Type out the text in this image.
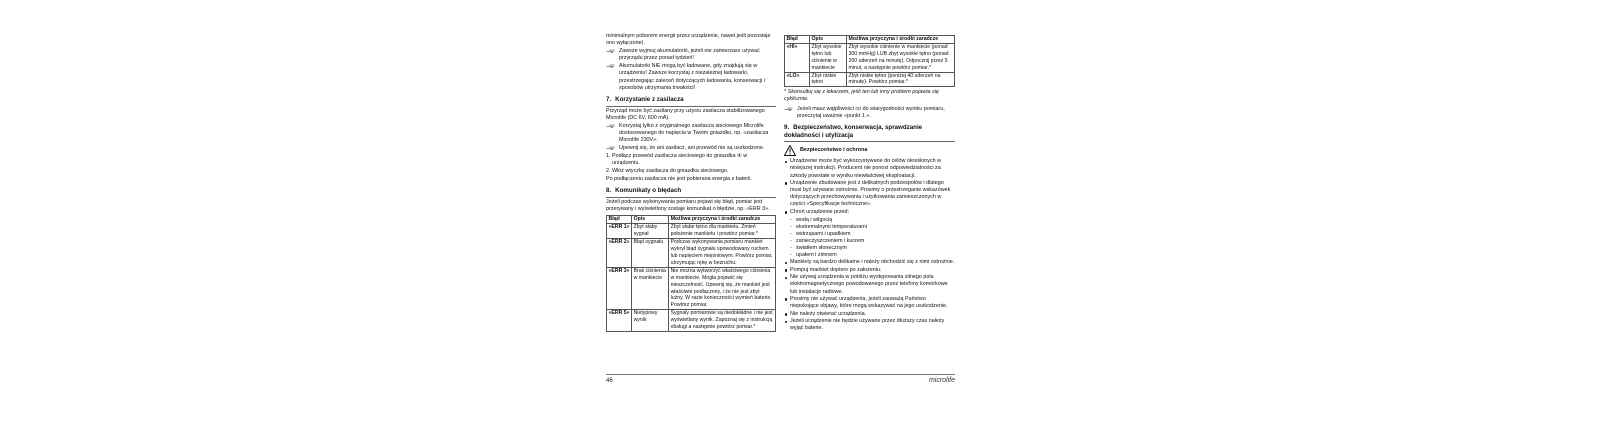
minimalnym poborem energii przez urządzenie, nawet jeśli pozostaje ono wyłączone).
Zawsze wyjmuj akumulatorki, jeżeli nie zamierzasz używać przyrządu przez ponad tydzień!
Akumulatorki NIE mogą być ładowane, gdy znajdują się w urządzeniu! Zawsze korzystaj z niezależnej ładowarki, przestrzegając zaleceń dotyczących ładowania, konserwacji i sposobów utrzymania trwałości!
7. Korzystanie z zasilacza
Przyrząd może być zasilany przy użyciu zasilacza stabilizowanego Microlife (DC 6V, 600 mA).
Korzystaj tylko z oryginalnego zasilacza sieciowego Microlife dostosowanego do napięcia w Twoim gniazdku, np. «zasilacza Microlife 230V».
Upewnij się, że ani zasilacz, ani przewód nie są uszkodzone.
1. Podłącz przewód zasilacza sieciowego do gniazdka ④ w urządzeniu.
2. Włóż wtyczkę zasilacza do gniazdka sieciowego.
Po podłączeniu zasilacza nie jest pobierana energia z baterii.
8. Komunikaty o błędach
Jeżeli podczas wykonywania pomiaru pojawi się błąd, pomiar jest przerywany i wyświetlony zostaje komunikat o błędzie, np. «ERR 3».
Błąd	Opis	Możliwa przyczyna i środki zaradcze
«ERR 1»	Zbyt słaby sygnał	Zbyt słabe tętno dla mankietu. Zmień położenie mankietu i powtórz pomiar.*
«ERR 2»	Błąd sygnału	Podczas wykonywania pomiaru mankiet wykrył błąd sygnału spowodowany ruchem lub napięciem mięśniowym. Powtórz pomiar, utrzymując rękę w bezruchu.
«ERR 3»	Brak ciśnienia w mankiecie	Nie można wytworzyć właściwego ciśnienia w mankiecie. Mogła pojawić się nieszczelność. Upewnij się, że mankiet jest właściwie podłączony, i że nie jest zbyt luźny. W razie konieczności wymień baterie. Powtórz pomiar.
«ERR 5»	Nietypowy wynik	Sygnały pomiarowe są niedokładne i nie jest wyświetlany wynik. Zapoznaj się z instrukcją obsługi a następnie powtórz pomiar.*
Błąd	Opis	Możliwa przyczyna i środki zaradcze
«HI»	Zbyt wysokie tętno lub ciśnienie w mankiecie	Zbyt wysokie ciśnienie w mankiecie (ponad 300 mmHg) LUB zbyt wysokie tętno (ponad 200 uderzeń na minutę). Odpocznij przez 5 minut, a następnie powtórz pomiar.*
«LO»	Zbyt niskie tętno	Zbyt niskie tętno (poniżej 40 uderzeń na minutę). Powtórz pomiar.*
* Skonsultuj się z lekarzem, jeśli ten lub inny problem pojawia się cyklicznie.
Jeżeli masz wątpliwości co do wiarygodności wyniku pomiaru, przeczytaj uważnie «punkt 1.».
9. Bezpieczeństwo, konserwacja, sprawdzanie dokładności i utylizacja
Bezpieczeństwo i ochrona
Urządzenie może być wykorzystywane do celów określonych w niniejszej instrukcji. Producent nie ponosi odpowiedzialności za szkody powstałe w wyniku niewłaściwej eksploatacji.
Urządzenie zbudowane jest z delikatnych podzespołów i dlatego musi być używane ostrożnie. Prosimy o przestrzeganie wskazówek dotyczących przechowywania i użytkowania zamieszczonych w części «Specyfikacje techniczne».
Chroń urządzenie przed:
- wodą i wilgocią
- ekstremalnymi temperaturami
- wstrząsami i upadkiem
- zanieczyszczeniem i kurzem
- światłem słonecznym
- upałem i zimnem
Mankiety są bardzo delikatne i należy obchodzić się z nimi ostrożnie.
Pompuj mankiet dopiero po założeniu.
Nie używaj urządzenia w pobliżu występowania silnego pola elektromagnetycznego powodowanego przez telefony komórkowe lub instalacje radiowe.
Prosimy nie używać urządzenia, jeżeli zauważą Państwo niepokojące objawy, które mogą wskazywać na jego uszkodzenie.
Nie należy otwierać urządzenia.
Jeżeli urządzenie nie będzie używane przez dłuższy czas należy wyjąć baterie.
46	microlife
